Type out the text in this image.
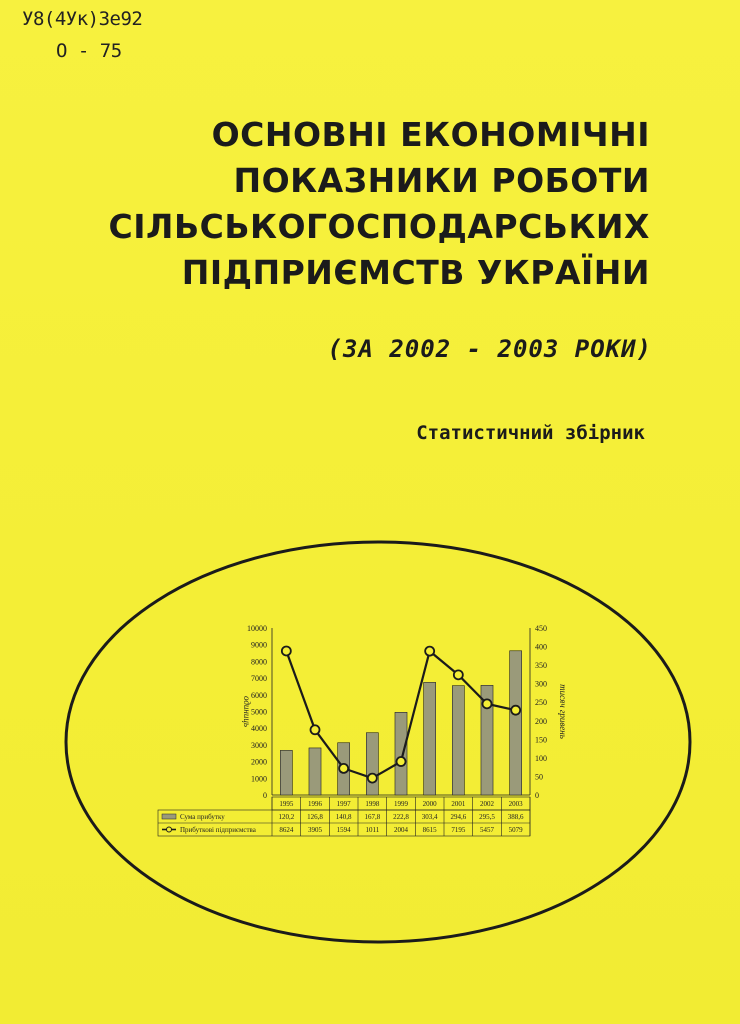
У8(4Ук)3е92
О - 75
ОСНОВНІ ЕКОНОМІЧНІ
ПОКАЗНИКИ РОБОТИ
СІЛЬСЬКОГОСПОДАРСЬКИХ
ПІДПРИЄМСТВ УКРАЇНИ
(ЗА 2002 - 2003 РОКИ)
Статистичний збірник
0
1000
2000
3000
4000
5000
6000
7000
8000
9000
10000
0
50
100
150
200
250
300
350
400
450
одиниць	тисяч гривень
1995 1996 1997 1998 1999 2000 2001 2002 2003
Сума прибутку
Прибуткові підприємства
120,2 126,8 140,8 167,8 222,8 303,4 294,6 295,5 388,6
8624 3905 1594 1011 2004 8615 7195 5457 5079
